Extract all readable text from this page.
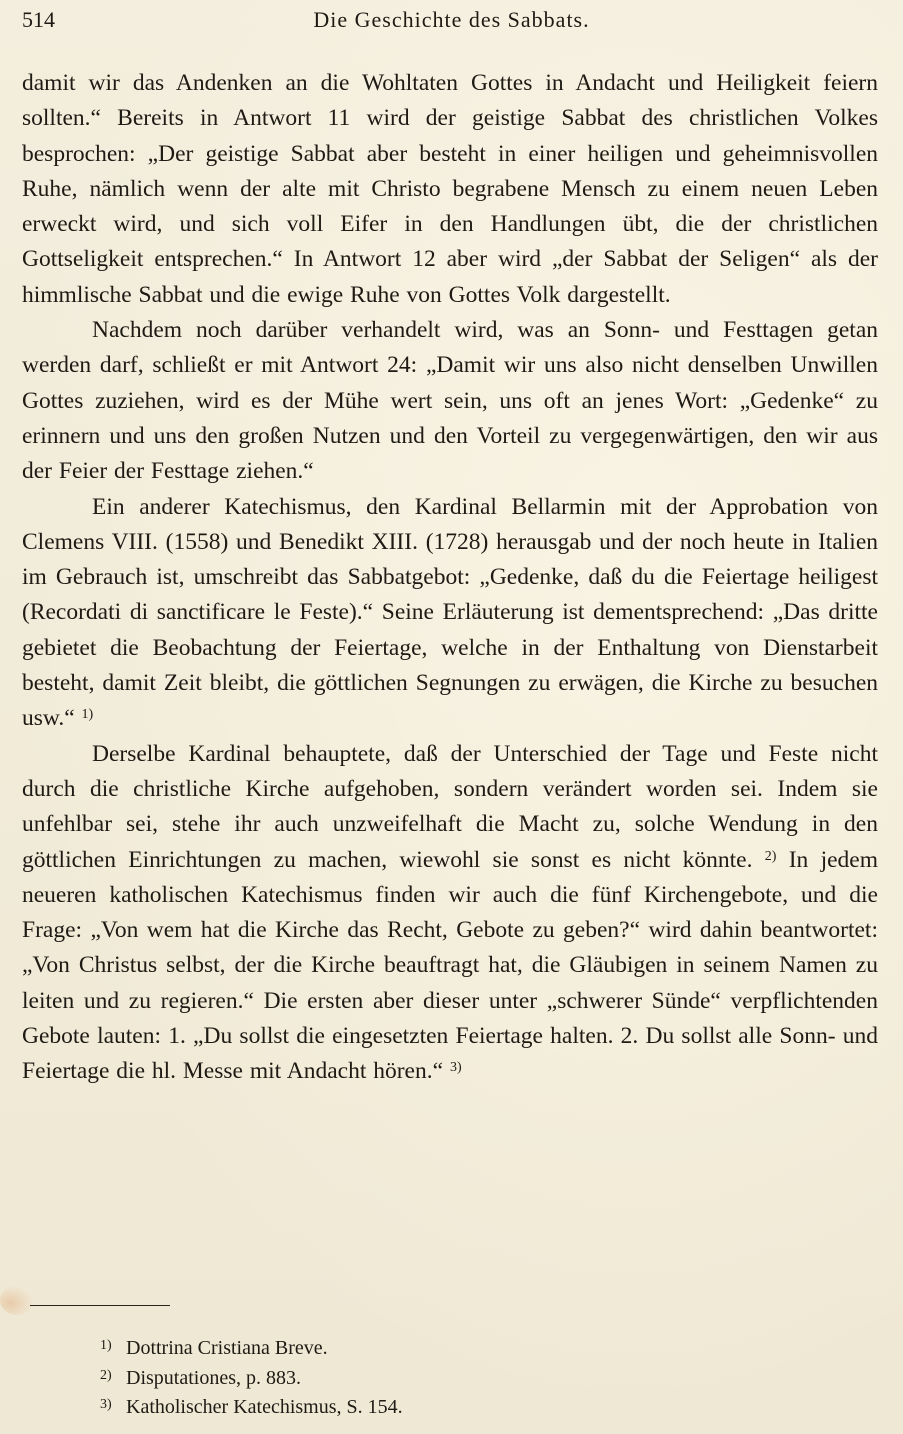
514	Die Geschichte des Sabbats.

damit wir das Andenken an die Wohltaten Gottes in Andacht und Heiligkeit feiern sollten.“ Bereits in Antwort 11 wird der geistige Sabbat des christlichen Volkes besprochen: „Der geistige Sabbat aber besteht in einer heiligen und geheimnisvollen Ruhe, nämlich wenn der alte mit Christo begrabene Mensch zu einem neuen Leben erweckt wird, und sich voll Eifer in den Handlungen übt, die der christlichen Gottseligkeit entsprechen.“ In Antwort 12 aber wird „der Sabbat der Seligen“ als der himmlische Sabbat und die ewige Ruhe von Gottes Volk dargestellt.

Nachdem noch darüber verhandelt wird, was an Sonn- und Festtagen getan werden darf, schließt er mit Antwort 24: „Damit wir uns also nicht denselben Unwillen Gottes zuziehen, wird es der Mühe wert sein, uns oft an jenes Wort: „Gedenke“ zu erinnern und uns den großen Nutzen und den Vorteil zu vergegenwärtigen, den wir aus der Feier der Festtage ziehen.“

Ein anderer Katechismus, den Kardinal Bellarmin mit der Approbation von Clemens VIII. (1558) und Benedikt XIII. (1728) herausgab und der noch heute in Italien im Gebrauch ist, umschreibt das Sabbatgebot: „Gedenke, daß du die Feiertage heiligest (Recordati di sanctificare le Feste).“ Seine Erläuterung ist dementsprechend: „Das dritte gebietet die Beobachtung der Feiertage, welche in der Enthaltung von Dienstarbeit besteht, damit Zeit bleibt, die göttlichen Segnungen zu erwägen, die Kirche zu besuchen usw.“ $^{1)}$

Derselbe Kardinal behauptete, daß der Unterschied der Tage und Feste nicht durch die christliche Kirche aufgehoben, sondern verändert worden sei. Indem sie unfehlbar sei, stehe ihr auch unzweifelhaft die Macht zu, solche Wendung in den göttlichen Einrichtungen zu machen, wiewohl sie sonst es nicht könnte. $^{2)}$ In jedem neueren katholischen Katechismus finden wir auch die fünf Kirchengebote, und die Frage: „Von wem hat die Kirche das Recht, Gebote zu geben?“ wird dahin beantwortet: „Von Christus selbst, der die Kirche beauftragt hat, die Gläubigen in seinem Namen zu leiten und zu regieren.“ Die ersten aber dieser unter „schwerer Sünde“ verpflichtenden Gebote lauten: 1. „Du sollst die eingesetzten Feiertage halten. 2. Du sollst alle Sonn- und Feiertage die hl. Messe mit Andacht hören.“ $^{3)}$

1) Dottrina Cristiana Breve.
2) Disputationes, p. 883.
3) Katholischer Katechismus, S. 154.
